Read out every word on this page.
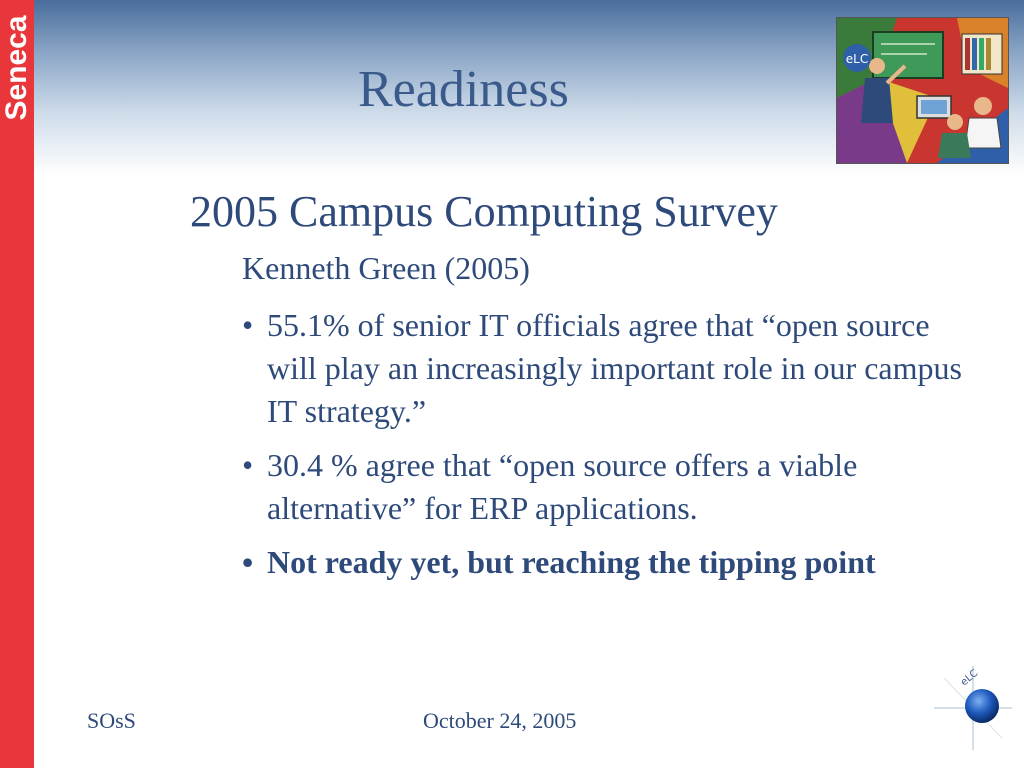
Seneca	Readiness
eLC
2005 Campus Computing Survey
Kenneth Green (2005)
• 55.1% of senior IT officials agree that “open source will play an increasingly important role in our campus IT strategy.”
• 30.4 % agree that “open source offers a viable alternative” for ERP applications.
• Not ready yet, but reaching the tipping point
SOsS	October 24, 2005
eLC
